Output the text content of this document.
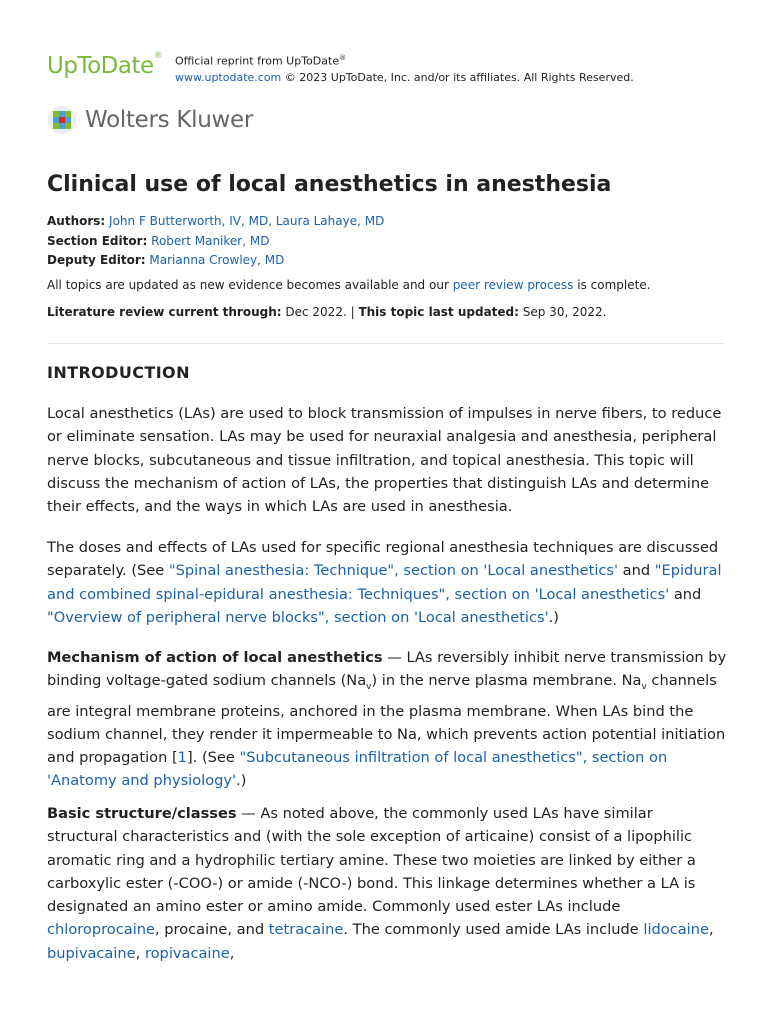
UpToDate® Official reprint from UpToDate®
www.uptodate.com © 2023 UpToDate, Inc. and/or its affiliates. All Rights Reserved.
Wolters Kluwer
Clinical use of local anesthetics in anesthesia
Authors: John F Butterworth, IV, MD, Laura Lahaye, MD
Section Editor: Robert Maniker, MD
Deputy Editor: Marianna Crowley, MD
All topics are updated as new evidence becomes available and our peer review process is complete.
Literature review current through: Dec 2022. | This topic last updated: Sep 30, 2022.
INTRODUCTION

Local anesthetics (LAs) are used to block transmission of impulses in nerve fibers, to reduce or eliminate sensation. LAs may be used for neuraxial analgesia and anesthesia, peripheral nerve blocks, subcutaneous and tissue infiltration, and topical anesthesia. This topic will discuss the mechanism of action of LAs, the properties that distinguish LAs and determine their effects, and the ways in which LAs are used in anesthesia.

The doses and effects of LAs used for specific regional anesthesia techniques are discussed separately. (See "Spinal anesthesia: Technique", section on 'Local anesthetics' and "Epidural and combined spinal-epidural anesthesia: Techniques", section on 'Local anesthetics' and "Overview of peripheral nerve blocks", section on 'Local anesthetics'.)

Mechanism of action of local anesthetics — LAs reversibly inhibit nerve transmission by binding voltage-gated sodium channels $(Na_v)$ in the nerve plasma membrane. $Na_v$ channels are integral membrane proteins, anchored in the plasma membrane. When LAs bind the sodium channel, they render it impermeable to Na, which prevents action potential initiation and propagation [1]. (See "Subcutaneous infiltration of local anesthetics", section on 'Anatomy and physiology'.)

Basic structure/classes — As noted above, the commonly used LAs have similar structural characteristics and (with the sole exception of articaine) consist of a lipophilic aromatic ring and a hydrophilic tertiary amine. These two moieties are linked by either a carboxylic ester (-COO-) or amide (-NCO-) bond. This linkage determines whether a LA is designated an amino ester or amino amide. Commonly used ester LAs include chloroprocaine, procaine, and tetracaine. The commonly used amide LAs include lidocaine, bupivacaine, ropivacaine,
